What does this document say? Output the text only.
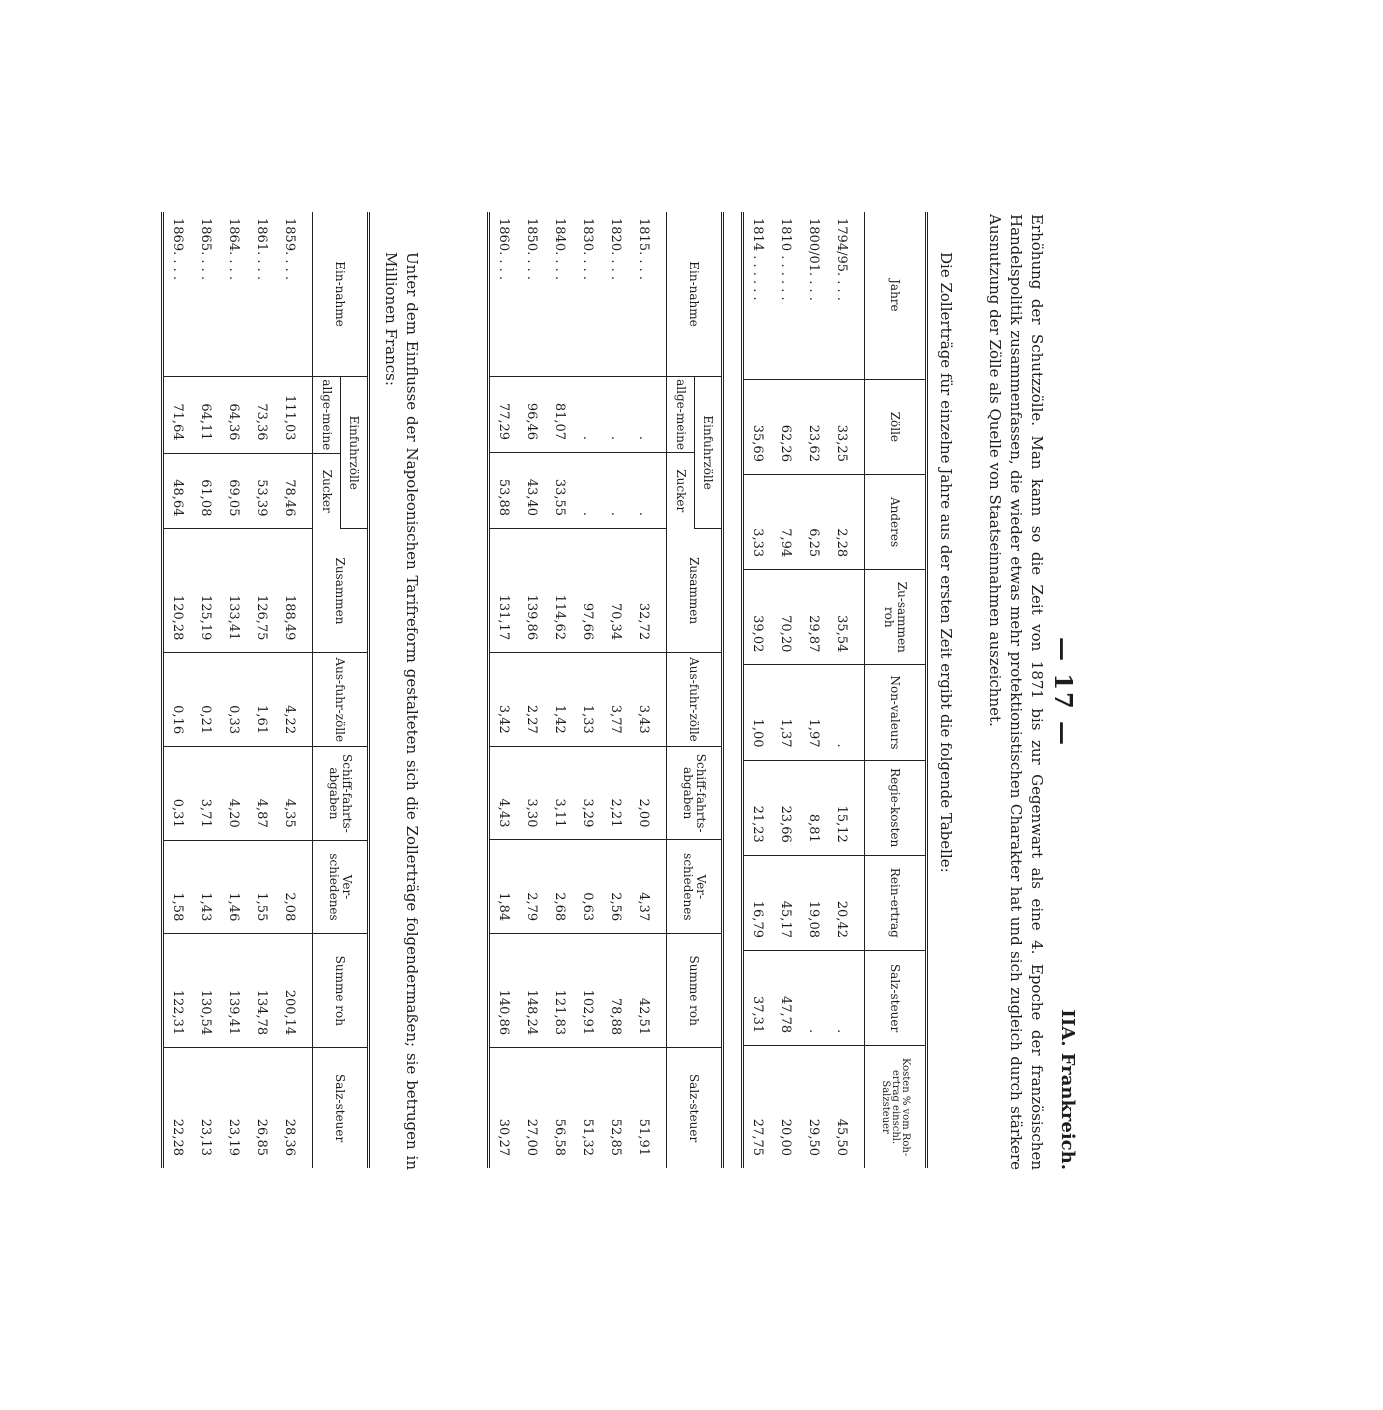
— 17 —
IIA. Frankreich.
Erhöhung der Schutzzölle. Man kann so die Zeit von 1871 bis zur Gegenwart als eine 4. Epoche der französischen Handelspolitik zusammenfassen, die wieder etwas mehr protektionistischen Charakter hat und sich zugleich durch stärkere Ausnutzung der Zölle als Quelle von Staatseinnahmen auszeichnet.
Die Zollerträge für einzelne Jahre aus der ersten Zeit ergibt die folgende Tabelle:
Jahre	Zölle	Anderes	Zu-sammen roh	Non-valeurs	Regie-kosten	Rein-ertrag	Salz-steuer	Kosten % vom Roh-ertrag einschl. Salzsteuer
1794/95. . . .	33,25	2,28	35,54	.	15,12	20,42	.	45,50
1800/01. . . .	23,62	6,25	29,87	1,97	8,81	19,08	.	29,50
1810 . . . . . .	62,26	7,94	70,20	1,37	23,66	45,17	47,78	20,00
1814 . . . . . .	35,69	3,33	39,02	1,00	21,23	16,79	37,31	27,75
Ein-nahme	Einfuhrzölle		Zusammen	Aus-fuhr-zölle	Schiff-fahrts-abgaben	Ver-schiedenes	Summe roh	Salz-steuer
	allge-meine	Zucker						
1815. . . .	.	.	32,72	3,43	2,00	4,37	42,51	51,91
1820. . . .	.	.	70,34	3,77	2,21	2,56	78,88	52,85
1830. . . .	.	.	97,66	1,33	3,29	0,63	102,91	51,32
1840. . . .	81,07	33,55	114,62	1,42	3,11	2,68	121,83	56,58
1850. . . .	96,46	43,40	139,86	2,27	3,30	2,79	148,24	27,00
1860. . . .	77,29	53,88	131,17	3,42	4,43	1,84	140,86	30,27
Unter dem Einflusse der Napoleonischen Tarifreform gestalteten sich die Zollerträge folgendermaßen; sie betrugen in Millionen Francs:
Ein-nahme	Einfuhrzölle		Zusammen	Aus-fuhr-zölle	Schiff-fahrts-abgaben	Ver-schiedenes	Summe roh	Salz-steuer
	allge-meine	Zucker						
1859. . . .	111,03	78,46	188,49	4,22	4,35	2,08	200,14	28,36
1861. . . .	73,36	53,39	126,75	1,61	4,87	1,55	134,78	26,85
1864. . . .	64,36	69,05	133,41	0,33	4,20	1,46	139,41	23,19
1865. . . .	64,11	61,08	125,19	0,21	3,71	1,43	130,54	23,13
1869. . . .	71,64	48,64	120,28	0,16	0,31	1,58	122,31	22,28
